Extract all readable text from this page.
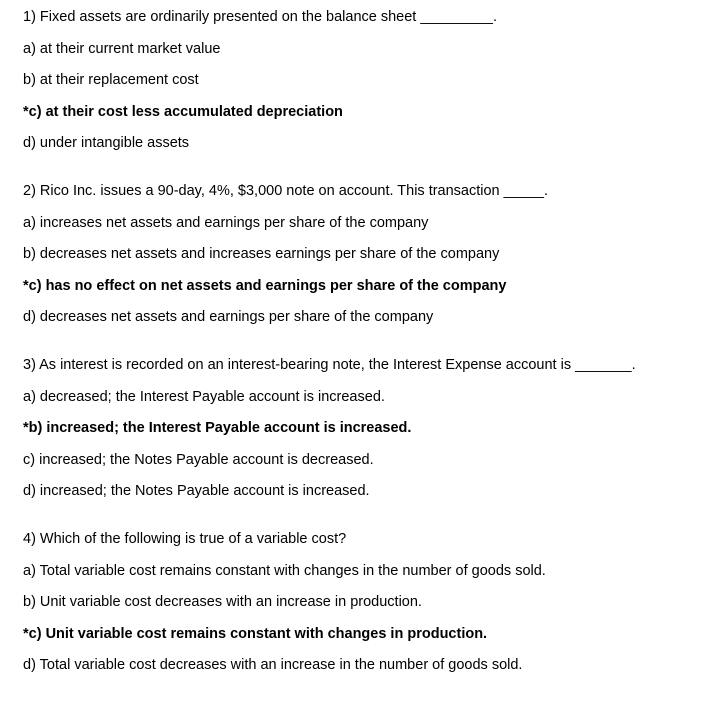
1) Fixed assets are ordinarily presented on the balance sheet _________.

a) at their current market value

b) at their replacement cost

*c) at their cost less accumulated depreciation

d) under intangible assets

2) Rico Inc. issues a 90-day, 4%, $3,000 note on account. This transaction _____.

a) increases net assets and earnings per share of the company

b) decreases net assets and increases earnings per share of the company

*c) has no effect on net assets and earnings per share of the company

d) decreases net assets and earnings per share of the company

3) As interest is recorded on an interest-bearing note, the Interest Expense account is _______.

a) decreased; the Interest Payable account is increased.

*b) increased; the Interest Payable account is increased.

c) increased; the Notes Payable account is decreased.

d) increased; the Notes Payable account is increased.

4) Which of the following is true of a variable cost?

a) Total variable cost remains constant with changes in the number of goods sold.

b) Unit variable cost decreases with an increase in production.

*c) Unit variable cost remains constant with changes in production.

d) Total variable cost decreases with an increase in the number of goods sold.
